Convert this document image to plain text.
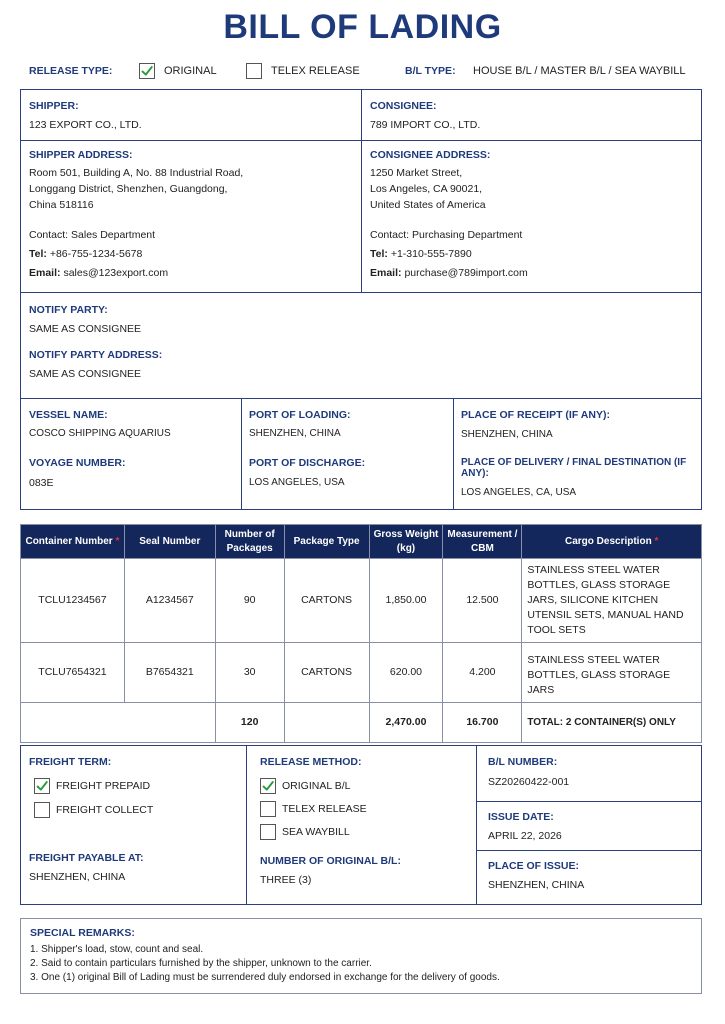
BILL OF LADING
RELEASE TYPE:	ORIGINAL	TELEX RELEASE	B/L TYPE:	HOUSE B/L / MASTER B/L / SEA WAYBILL
SHIPPER:
123 EXPORT CO., LTD.
CONSIGNEE:
789 IMPORT CO., LTD.
SHIPPER ADDRESS:
Room 501, Building A, No. 88 Industrial Road,
Longgang District, Shenzhen, Guangdong,
China 518116
Contact: Sales Department
Tel: +86-755-1234-5678
Email: sales@123export.com
CONSIGNEE ADDRESS:
1250 Market Street,
Los Angeles, CA 90021,
United States of America
Contact: Purchasing Department
Tel: +1-310-555-7890
Email: purchase@789import.com
NOTIFY PARTY:
SAME AS CONSIGNEE
NOTIFY PARTY ADDRESS:
SAME AS CONSIGNEE
VESSEL NAME:
COSCO SHIPPING AQUARIUS
VOYAGE NUMBER:
083E
PORT OF LOADING:
SHENZHEN, CHINA
PORT OF DISCHARGE:
LOS ANGELES, USA
PLACE OF RECEIPT (IF ANY):
SHENZHEN, CHINA
PLACE OF DELIVERY / FINAL DESTINATION (IF ANY):
LOS ANGELES, CA, USA
Container Number *	Seal Number	Number of Packages	Package Type	Gross Weight (kg)	Measurement / CBM	Cargo Description *
TCLU1234567	A1234567	90	CARTONS	1,850.00	12.500	STAINLESS STEEL WATER BOTTLES, GLASS STORAGE JARS, SILICONE KITCHEN UTENSIL SETS, MANUAL HAND TOOL SETS
TCLU7654321	B7654321	30	CARTONS	620.00	4.200	STAINLESS STEEL WATER BOTTLES, GLASS STORAGE JARS
		120		2,470.00	16.700	TOTAL: 2 CONTAINER(S) ONLY
FREIGHT TERM:
FREIGHT PREPAID
FREIGHT COLLECT
FREIGHT PAYABLE AT:
SHENZHEN, CHINA
RELEASE METHOD:
ORIGINAL B/L
TELEX RELEASE
SEA WAYBILL
NUMBER OF ORIGINAL B/L:
THREE (3)
B/L NUMBER:
SZ20260422-001
ISSUE DATE:
APRIL 22, 2026
PLACE OF ISSUE:
SHENZHEN, CHINA
SPECIAL REMARKS:
1. Shipper's load, stow, count and seal.
2. Said to contain particulars furnished by the shipper, unknown to the carrier.
3. One (1) original Bill of Lading must be surrendered duly endorsed in exchange for the delivery of goods.
